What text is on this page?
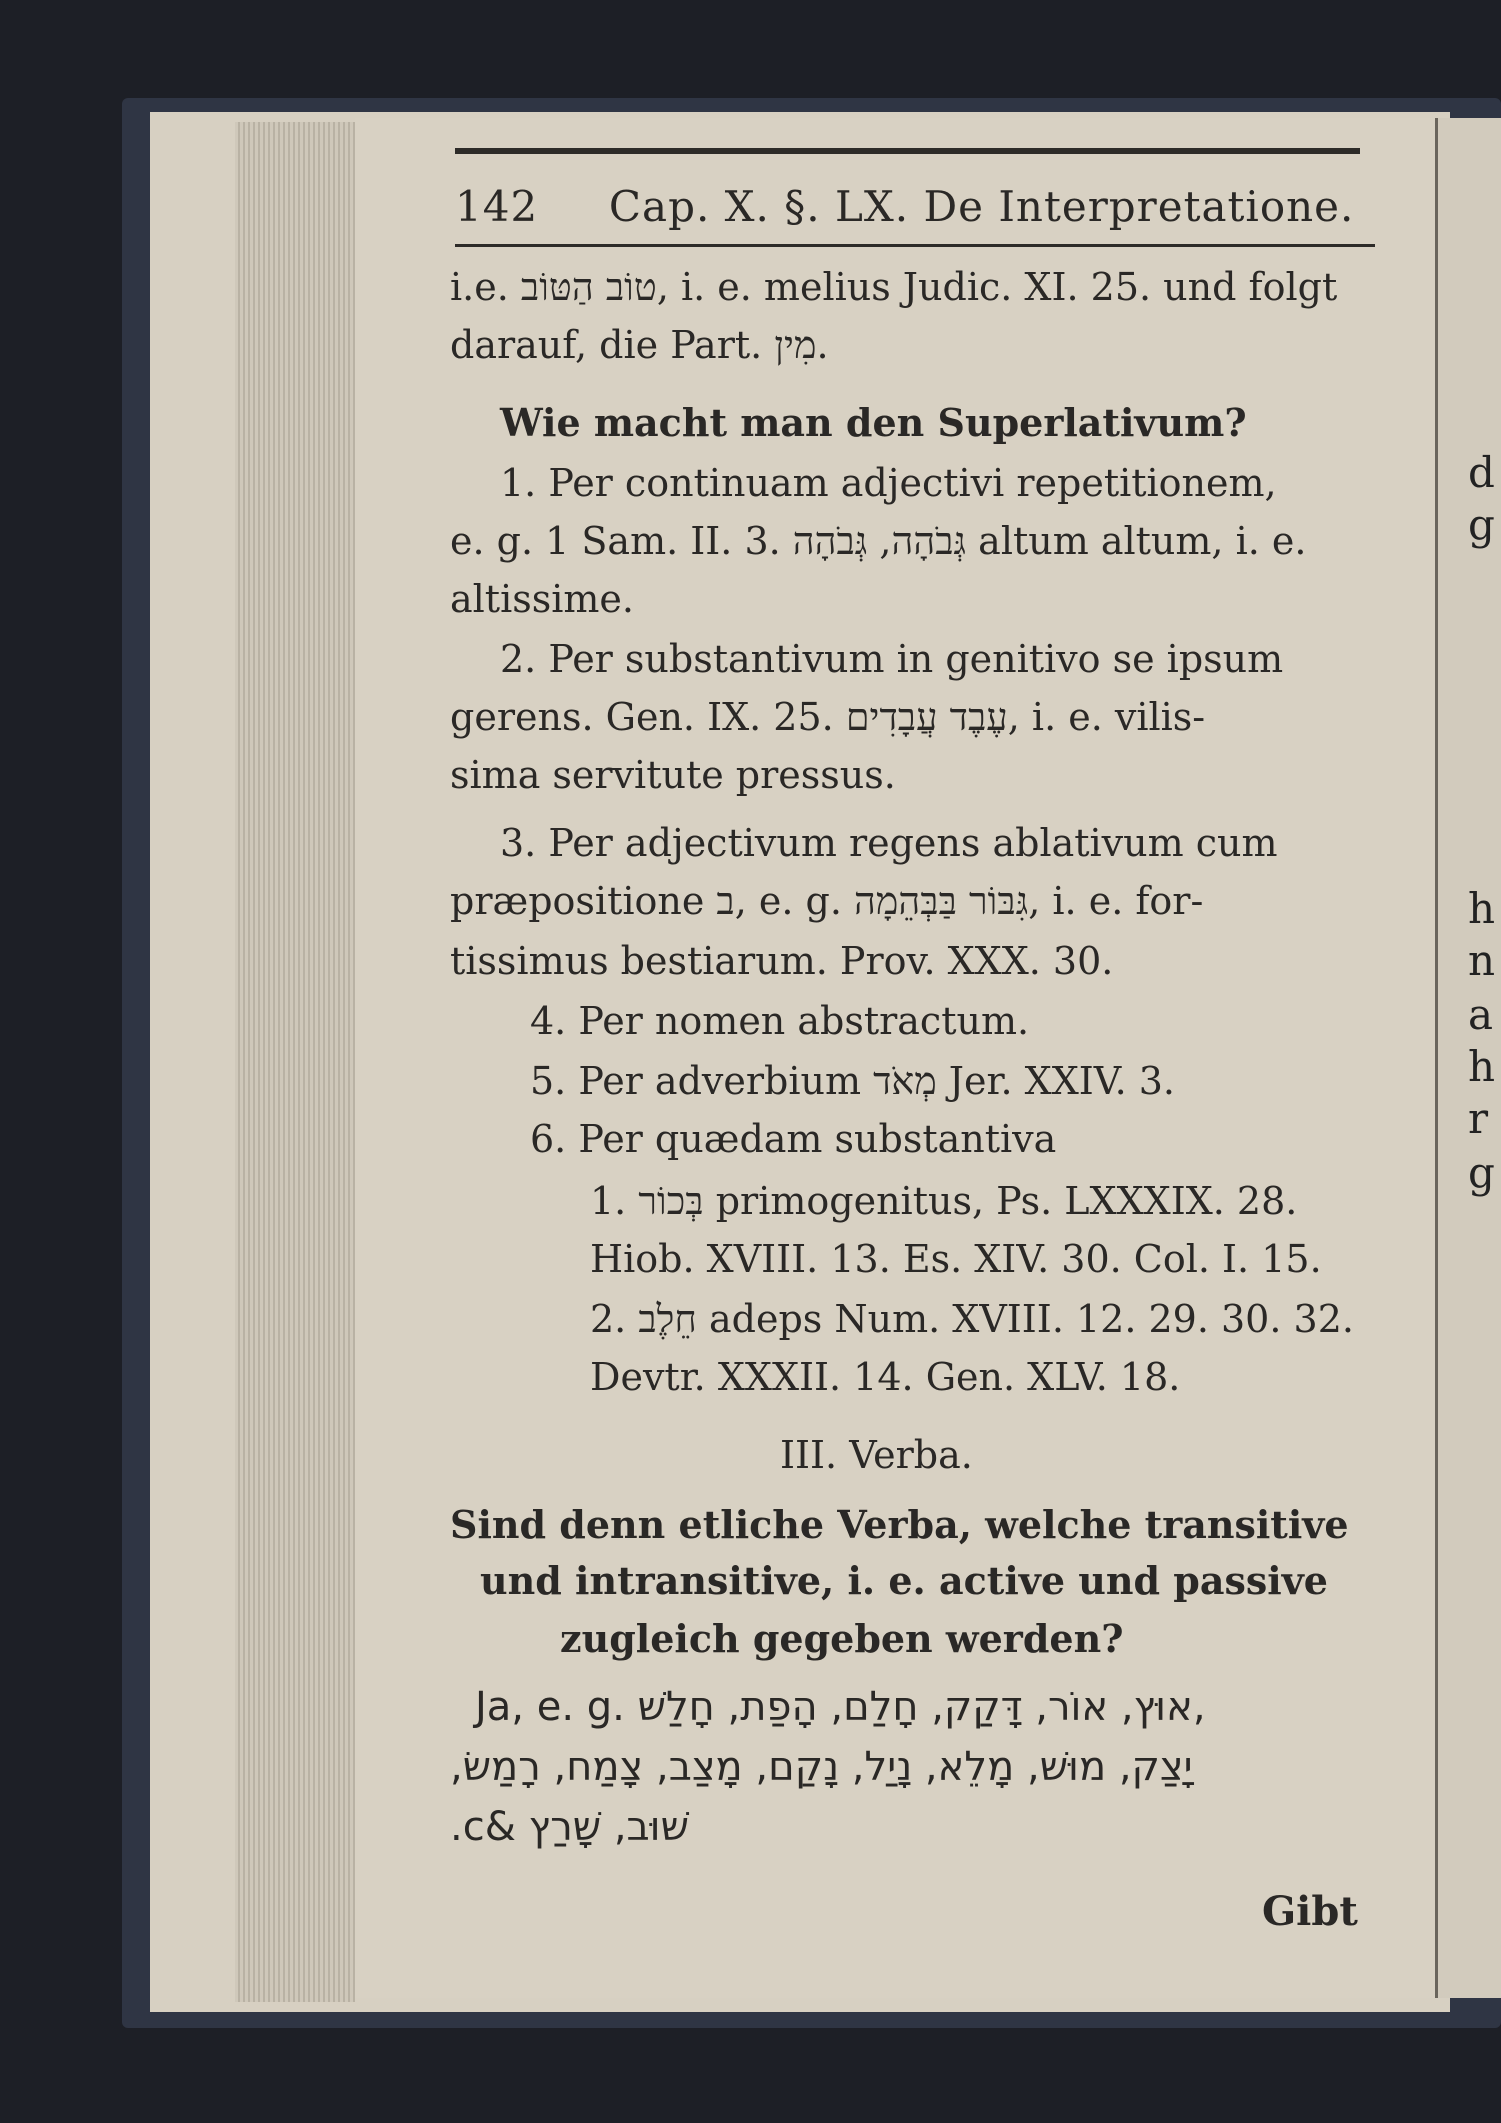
d
g
h
n
a
h
r
g
142 Cap. X. §. LX. De Interpretatione.
i.e. טוֹב הַטּוֹב, i. e. melius Judic. XI. 25. und folgt
darauf, die Part. מִין.
Wie macht man den Superlativum?
1. Per continuam adjectivi repetitionem,
e. g. 1 Sam. II. 3. גְּבֹהָה, גְּבֹהָה altum altum, i. e.
altissime.
2. Per substantivum in genitivo se ipsum
gerens. Gen. IX. 25. עֶבֶד עֲבָדִים, i. e. vilis-
sima servitute pressus.
3. Per adjectivum regens ablativum cum
præpositione ב, e. g. גִּבּוֹר בַּבְּהֵמָה, i. e. for-
tissimus bestiarum. Prov. XXX. 30.
4. Per nomen abstractum.
5. Per adverbium מְאֹד Jer. XXIV. 3.
6. Per quædam substantiva
1. בְּכוֹר primogenitus, Ps. LXXXIX. 28.
Hiob. XVIII. 13. Es. XIV. 30. Col. I. 15.
2. חֵלֶב adeps Num. XVIII. 12. 29. 30. 32.
Devtr. XXXII. 14. Gen. XLV. 18.
III. Verba.
Sind denn etliche Verba, welche transitive
und intransitive, i. e. active und passive
zugleich gegeben werden?
Ja, e. g. אוּץ, אוֹר, דָּקַק, חָלַם, הָפַת, חָלַשׁ,
יָצַק, מוּשׁ, מָלֵא, נָיַל, נָקַם, מָצַב, צָמַח, רָמַשׂ,
שׁוּב, שָׁרַץ &c.
Gibt
